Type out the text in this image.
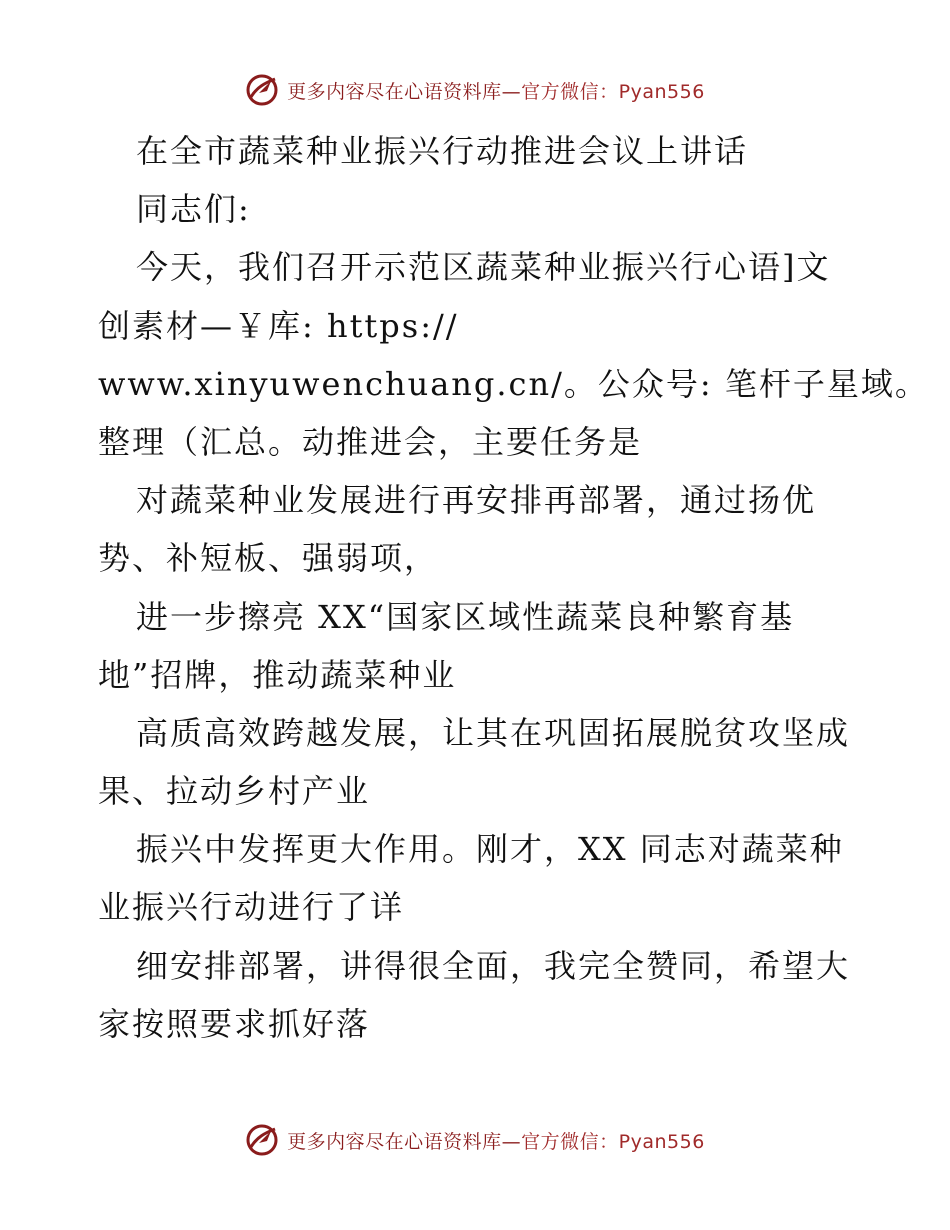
更多内容尽在心语资料库—官方微信：Pyan556
在全市蔬菜种业振兴行动推进会议上讲话
同志们:
今天，我们召开示范区蔬菜种业振兴行心语]文
创素材—￥库: https://
www.xinyuwenchuang.cn/。公众号: 笔杆子星域。
整理（汇总。动推进会，主要任务是
对蔬菜种业发展进行再安排再部署，通过扬优
势、补短板、强弱项，
进一步擦亮 XX“国家区域性蔬菜良种繁育基
地”招牌，推动蔬菜种业
高质高效跨越发展，让其在巩固拓展脱贫攻坚成
果、拉动乡村产业
振兴中发挥更大作用。刚才，XX 同志对蔬菜种
业振兴行动进行了详
细安排部署，讲得很全面，我完全赞同，希望大
家按照要求抓好落
更多内容尽在心语资料库—官方微信：Pyan556
